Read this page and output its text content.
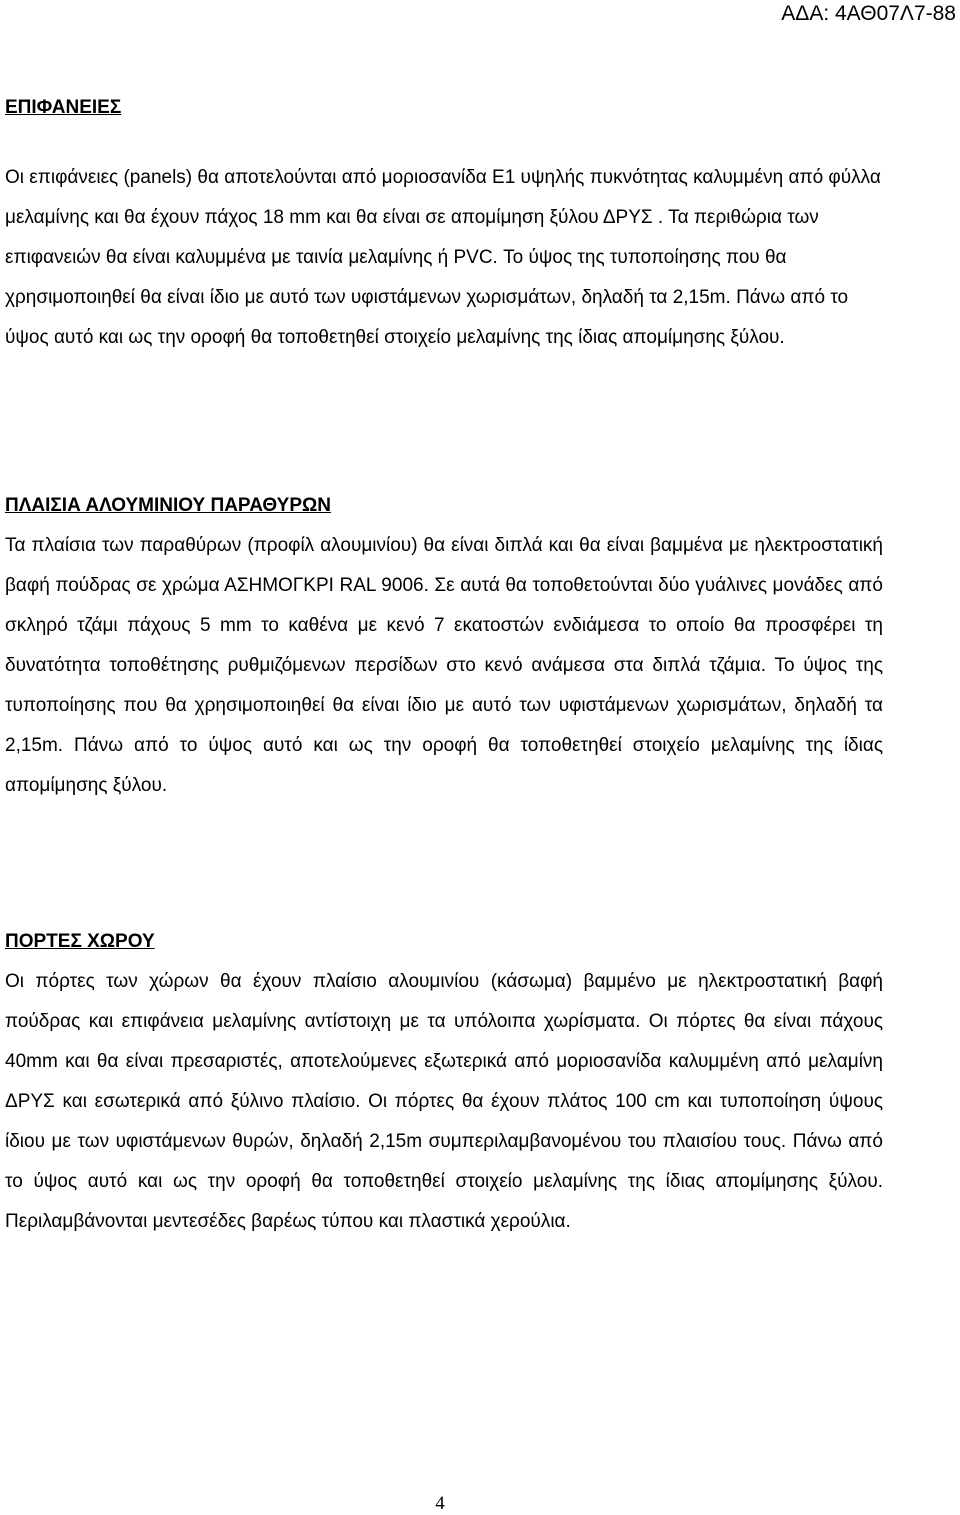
ΑΔΑ: 4ΑΘ07Λ7-88
ΕΠΙΦΑΝΕΙΕΣ

Οι επιφάνειες (panels) θα αποτελούνται από μοριοσανίδα Ε1 υψηλής πυκνότητας καλυμμένη από φύλλα μελαμίνης και θα έχουν πάχος 18 mm και θα είναι σε απομίμηση ξύλου ΔΡΥΣ . Τα περιθώρια των επιφανειών θα είναι καλυμμένα με ταινία μελαμίνης ή PVC. Το ύψος της τυποποίησης που θα χρησιμοποιηθεί θα είναι ίδιο με αυτό των υφιστάμενων χωρισμάτων, δηλαδή τα 2,15m. Πάνω από το ύψος αυτό και ως την οροφή θα τοποθετηθεί στοιχείο μελαμίνης της ίδιας απομίμησης ξύλου.

ΠΛΑΙΣΙΑ ΑΛΟΥΜΙΝΙΟΥ ΠΑΡΑΘΥΡΩΝ

Τα πλαίσια των παραθύρων (προφίλ αλουμινίου) θα είναι διπλά και θα είναι βαμμένα με ηλεκτροστατική βαφή πούδρας σε χρώμα ΑΣΗΜΟΓΚΡΙ RAL 9006. Σε αυτά θα τοποθετούνται δύο γυάλινες μονάδες από σκληρό τζάμι πάχους 5 mm το καθένα με κενό 7 εκατοστών ενδιάμεσα το οποίο θα προσφέρει τη δυνατότητα τοποθέτησης ρυθμιζόμενων περσίδων στο κενό ανάμεσα στα διπλά τζάμια. Το ύψος της τυποποίησης που θα χρησιμοποιηθεί θα είναι ίδιο με αυτό των υφιστάμενων χωρισμάτων, δηλαδή τα 2,15m. Πάνω από το ύψος αυτό και ως την οροφή θα τοποθετηθεί στοιχείο μελαμίνης της ίδιας απομίμησης ξύλου.

ΠΟΡΤΕΣ ΧΩΡΟΥ

Οι πόρτες των χώρων θα έχουν πλαίσιο αλουμινίου (κάσωμα) βαμμένο με ηλεκτροστατική βαφή πούδρας και επιφάνεια μελαμίνης αντίστοιχη με τα υπόλοιπα χωρίσματα. Οι πόρτες θα είναι πάχους 40mm και θα είναι πρεσαριστές, αποτελούμενες εξωτερικά από μοριοσανίδα καλυμμένη από μελαμίνη ΔΡΥΣ και εσωτερικά από ξύλινο πλαίσιο. Οι πόρτες θα έχουν πλάτος 100 cm και τυποποίηση ύψους ίδιου με των υφιστάμενων θυρών, δηλαδή 2,15m συμπεριλαμβανομένου του πλαισίου τους. Πάνω από το ύψος αυτό και ως την οροφή θα τοποθετηθεί στοιχείο μελαμίνης της ίδιας απομίμησης ξύλου. Περιλαμβάνονται μεντεσέδες βαρέως τύπου και πλαστικά χερούλια.

4
